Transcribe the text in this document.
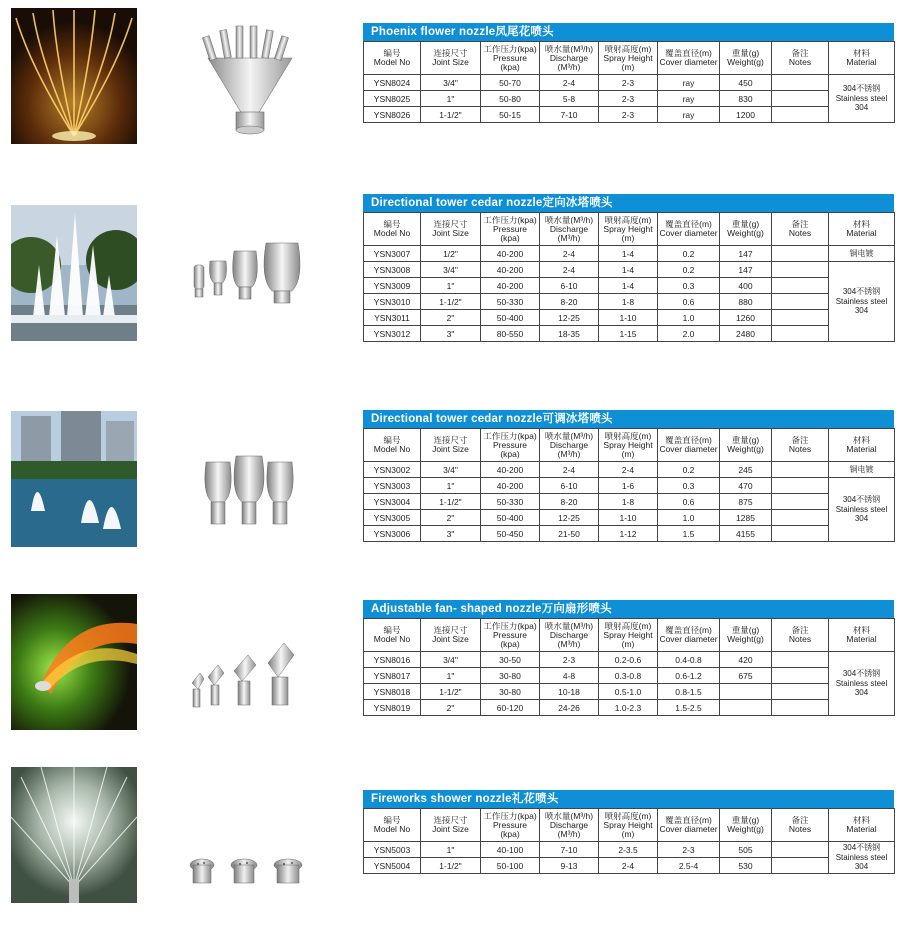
Phoenix flower nozzle凤尾花喷头
编号
Model No	连接尺寸
Joint Size	工作压力(kpa)
Pressure
(kpa)	喷水量(M³/h)
Discharge
(M³/h)	喷射高度(m)
Spray Height
(m)	覆盖直径(m)
Cover diameter	重量(g)
Weight(g)	备注
Notes	材料
Material

YSN8024	3/4"	50-70	2-4	2-3	ray	450		304不锈钢
Stainless steel
304

YSN8025	1"	50-80	5-8	2-3	ray	830		
YSN8026	1-1/2"	50-15	7-10	2-3	ray	1200		
Directional tower cedar nozzle定向冰塔喷头
编号
Model No	连接尺寸
Joint Size	工作压力(kpa)
Pressure
(kpa)	喷水量(M³/h)
Discharge
(M³/h)	喷射高度(m)
Spray Height
(m)	覆盖直径(m)
Cover diameter	重量(g)
Weight(g)	备注
Notes	材料
Material

YSN3007	1/2"	40-200	2-4	1-4	0.2	147		铜电镀

YSN3008	3/4"	40-200	2-4	1-4	0.2	147		304不锈钢
Stainless steel
304

YSN3009	1"	40-200	6-10	1-4	0.3	400		
YSN3010	1-1/2"	50-330	8-20	1-8	0.6	880		
YSN3011	2"	50-400	12-25	1-10	1.0	1260		
YSN3012	3"	80-550	18-35	1-15	2.0	2480		
Directional tower cedar nozzle可调冰塔喷头
编号
Model No	连接尺寸
Joint Size	工作压力(kpa)
Pressure
(kpa)	喷水量(M³/h)
Discharge
(M³/h)	喷射高度(m)
Spray Height
(m)	覆盖直径(m)
Cover diameter	重量(g)
Weight(g)	备注
Notes	材料
Material

YSN3002	3/4"	40-200	2-4	2-4	0.2	245		铜电镀

YSN3003	1"	40-200	6-10	1-6	0.3	470		304不锈钢
Stainless steel
304

YSN3004	1-1/2"	50-330	8-20	1-8	0.6	875		
YSN3005	2"	50-400	12-25	1-10	1.0	1285		
YSN3006	3"	50-450	21-50	1-12	1.5	4155		
Adjustable fan- shaped nozzle万向扇形喷头
编号
Model No	连接尺寸
Joint Size	工作压力(kpa)
Pressure
(kpa)	喷水量(M³/h)
Discharge
(M³/h)	喷射高度(m)
Spray Height
(m)	覆盖直径(m)
Cover diameter	重量(g)
Weight(g)	备注
Notes	材料
Material

YSN8016	3/4"	30-50	2-3	0.2-0.6	0.4-0.8	420		304不锈钢
Stainless steel
304

YSN8017	1"	30-80	4-8	0.3-0.8	0.6-1.2	675		
YSN8018	1-1/2"	30-80	10-18	0.5-1.0	0.8-1.5			
YSN8019	2"	60-120	24-26	1.0-2.3	1.5-2.5			
Fireworks shower nozzle礼花喷头
编号
Model No	连接尺寸
Joint Size	工作压力(kpa)
Pressure
(kpa)	喷水量(M³/h)
Discharge
(M³/h)	喷射高度(m)
Spray Height
(m)	覆盖直径(m)
Cover diameter	重量(g)
Weight(g)	备注
Notes	材料
Material

YSN5003	1"	40-100	7-10	2-3.5	2-3	505		304不锈钢
Stainless steel
304

YSN5004	1-1/2"	50-100	9-13	2-4	2.5-4	530		
